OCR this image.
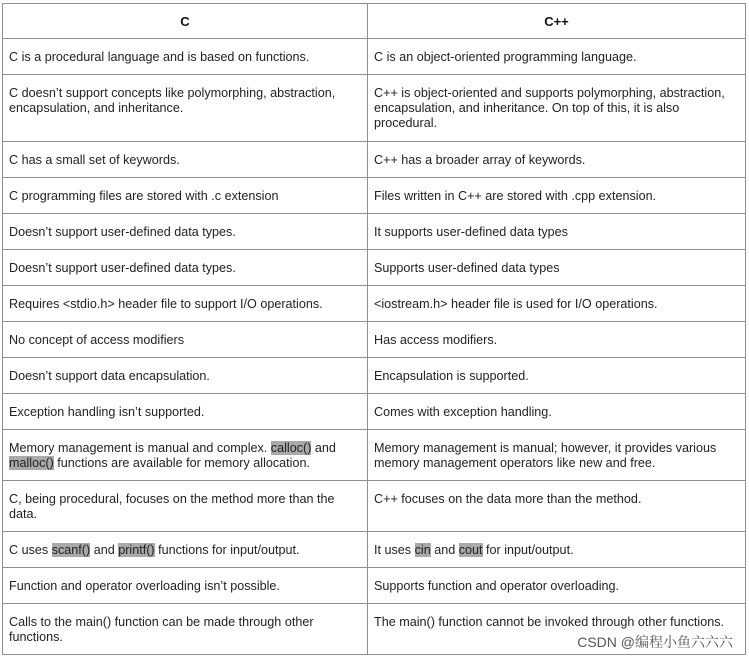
C	C++
C is a procedural language and is based on functions.	C is an object-oriented programming language.
C doesn’t support concepts like polymorphing, abstraction, encapsulation, and inheritance.	C++ is object-oriented and supports polymorphing, abstraction, encapsulation, and inheritance. On top of this, it is also procedural.
C has a small set of keywords.	C++ has a broader array of keywords.
C programming files are stored with .c extension	Files written in C++ are stored with .cpp extension.
Doesn’t support user-defined data types.	It supports user-defined data types
Doesn’t support user-defined data types.	Supports user-defined data types
Requires <stdio.h> header file to support I/O operations.	<iostream.h> header file is used for I/O operations.
No concept of access modifiers	Has access modifiers.
Doesn’t support data encapsulation.	Encapsulation is supported.
Exception handling isn’t supported.	Comes with exception handling.
Memory management is manual and complex. calloc() and malloc() functions are available for memory allocation.	Memory management is manual; however, it provides various memory management operators like new and free.
C, being procedural, focuses on the method more than the data.	C++ focuses on the data more than the method.
C uses scanf() and printf() functions for input/output.	It uses cin and cout for input/output.
Function and operator overloading isn’t possible.	Supports function and operator overloading.
Calls to the main() function can be made through other functions.	The main() function cannot be invoked through other functions.
CSDN @编程小鱼六六六
